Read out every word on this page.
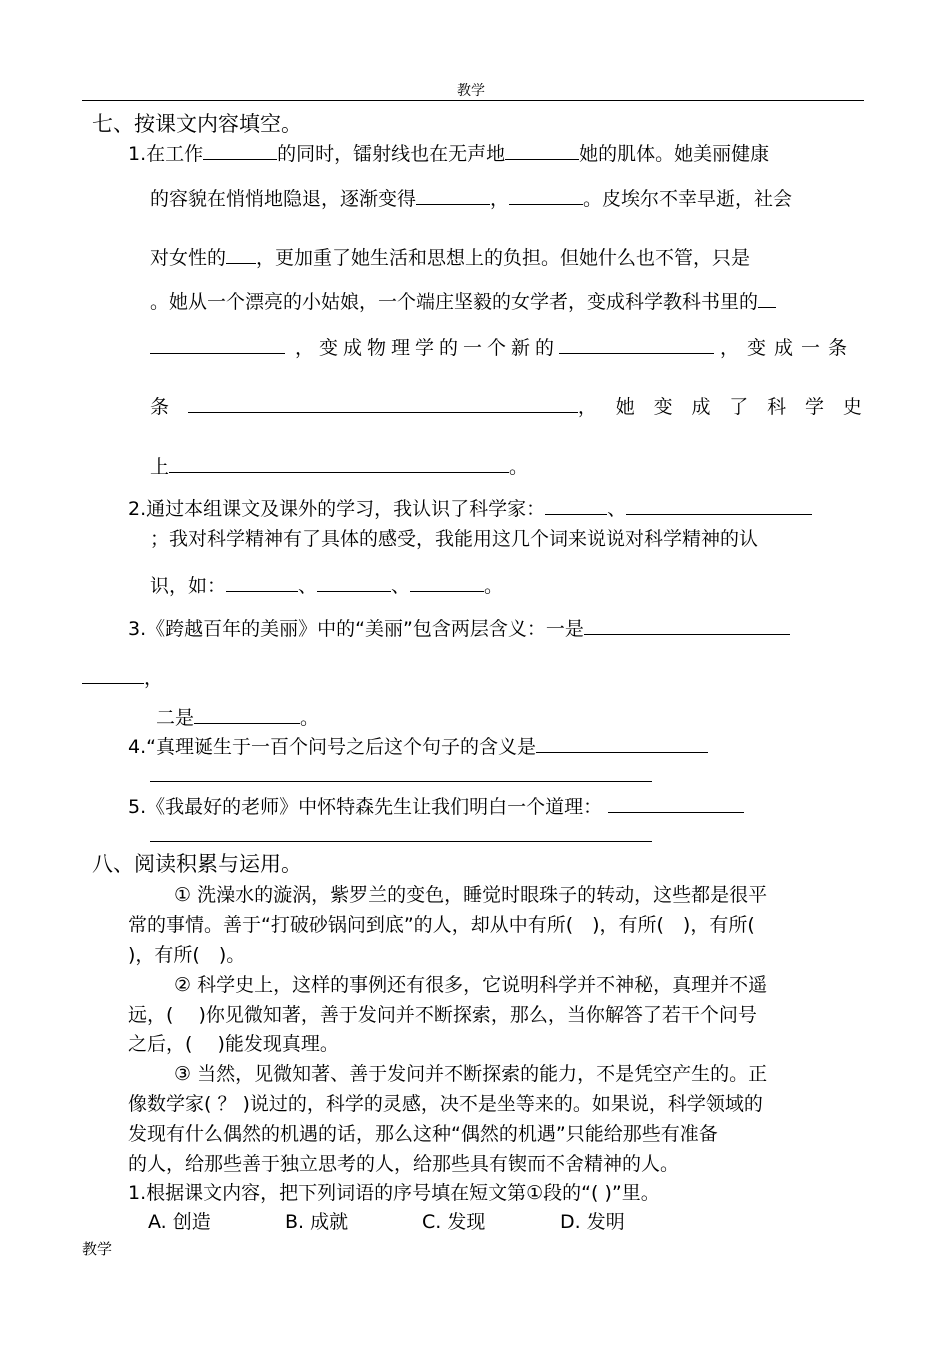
教学
七、按课文内容填空。
1.在工作	的同时，镭射线也在无声地	她的肌体。她美丽健康
的容貌在悄悄地隐退，逐渐变得	，	。皮埃尔不幸早逝，社会
对女性的 ，更加重了她生活和思想上的负担。但她什么也不管，只是
。她从一个漂亮的小姑娘，一个端庄坚毅的女学者，变成科学教科书里的
，变成物理学的一个新的	，变成一条
条	， 她 变 成 了 科 学 史
上	。
2.通过本组课文及课外的学习，我认识了科学家：	、
；我对科学精神有了具体的感受，我能用这几个词来说说对科学精神的认
识，如：	、	、	。
3.《跨越百年的美丽》中的“美丽”包含两层含义：一是
，
二是	。
4.“真理诞生于一百个问号之后这个句子的含义是
5.《我最好的老师》中怀特森先生让我们明白一个道理：
八、阅读积累与运用。
① 洗澡水的漩涡，紫罗兰的变色，睡觉时眼珠子的转动，这些都是很平
常的事情。善于“打破砂锅问到底”的人，却从中有所(　)，有所(　)，有所(
)，有所(　)。
② 科学史上，这样的事例还有很多，它说明科学并不神秘，真理并不遥
远，(　 )你见微知著，善于发问并不断探索，那么，当你解答了若干个问号
之后，(　 )能发现真理。
③ 当然，见微知著、善于发问并不断探索的能力，不是凭空产生的。正
像数学家( ？ )说过的，科学的灵感，决不是坐等来的。如果说，科学领域的
发现有什么偶然的机遇的话，那么这种“偶然的机遇”只能给那些有准备
的人，给那些善于独立思考的人，给那些具有锲而不舍精神的人。
1.根据课文内容，把下列词语的序号填在短文第①段的“( )”里。
A. 创造	B. 成就	C. 发现	D. 发明
教学
